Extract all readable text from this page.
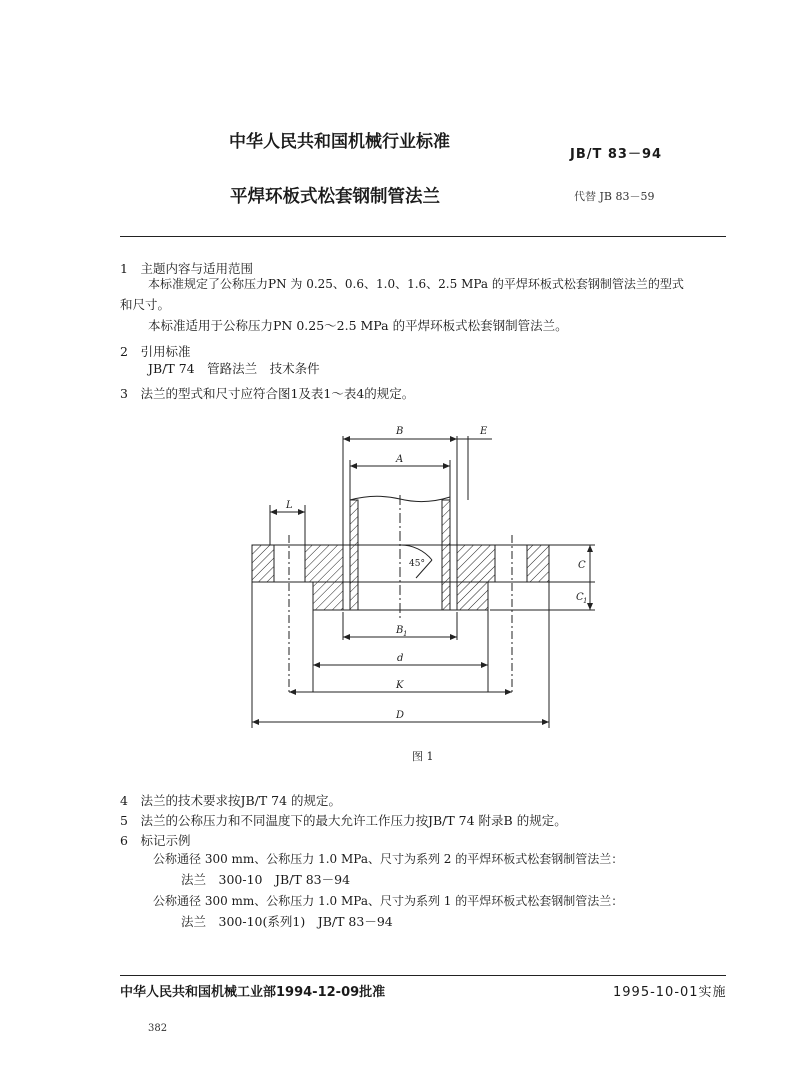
中华人民共和国机械行业标准
JB/T 83－94
平焊环板式松套钢制管法兰	代替 JB 83－59
1　主题内容与适用范围
本标准规定了公称压力PN 为 0.25、0.6、1.0、1.6、2.5 MPa 的平焊环板式松套钢制管法兰的型式
和尺寸。
本标准适用于公称压力PN 0.25～2.5 MPa 的平焊环板式松套钢制管法兰。
2　引用标准
JB/T 74　管路法兰　技术条件
3　法兰的型式和尺寸应符合图1及表1～表4的规定。
B	E
A
L
45°	C
C 1
B 1
d
K
D
图 1
4　法兰的技术要求按JB/T 74 的规定。
5　法兰的公称压力和不同温度下的最大允许工作压力按JB/T 74 附录B 的规定。
6　标记示例
公称通径 300 mm、公称压力 1.0 MPa、尺寸为系列 2 的平焊环板式松套钢制管法兰：
法兰　300-10　JB/T 83－94
公称通径 300 mm、公称压力 1.0 MPa、尺寸为系列 1 的平焊环板式松套钢制管法兰：
法兰　300-10(系列1)　JB/T 83－94
中华人民共和国机械工业部1994-12-09批准	1995-10-01实施
382
